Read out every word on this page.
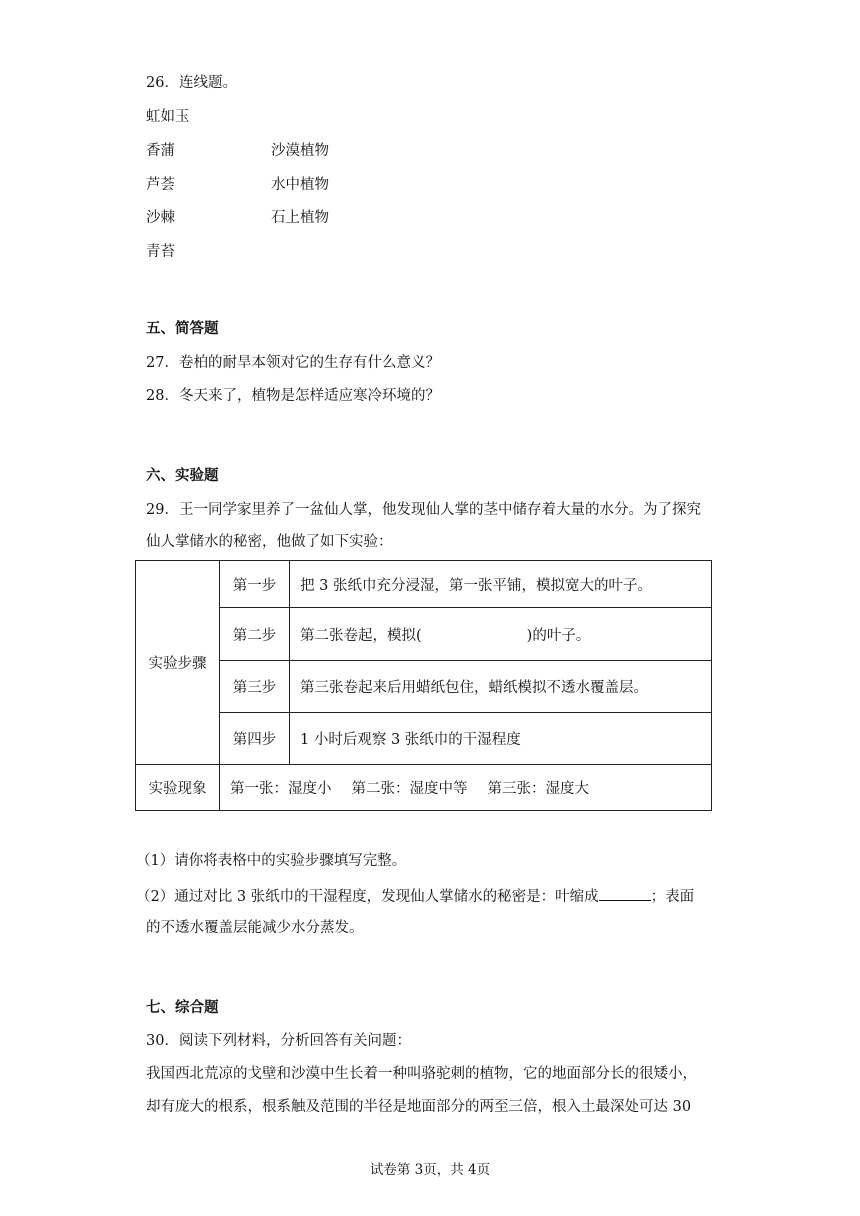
26．连线题。
虹如玉
香蒲
芦荟
沙棘
青苔
沙漠植物
水中植物
石上植物
五、简答题
27．卷柏的耐旱本领对它的生存有什么意义？
28．冬天来了，植物是怎样适应寒冷环境的？
六、实验题
29．王一同学家里养了一盆仙人掌，他发现仙人掌的茎中储存着大量的水分。为了探究
仙人掌储水的秘密，他做了如下实验：
实验步骤	第一步	把 3 张纸巾充分浸湿，第一张平铺，模拟宽大的叶子。
	第二步	第二张卷起，模拟( )的叶子。
	第三步	第三张卷起来后用蜡纸包住，蜡纸模拟不透水覆盖层。
	第四步	1 小时后观察 3 张纸巾的干湿程度
实验现象	第一张：湿度小 第二张：湿度中等 第三张：湿度大	
（1）请你将表格中的实验步骤填写完整。
（2）通过对比 3 张纸巾的干湿程度，发现仙人掌储水的秘密是：叶缩成	；表面
的不透水覆盖层能减少水分蒸发。
七、综合题
30．阅读下列材料，分析回答有关问题：
我国西北荒凉的戈壁和沙漠中生长着一种叫骆驼刺的植物，它的地面部分长的很矮小，
却有庞大的根系，根系触及范围的半径是地面部分的两至三倍，根入土最深处可达 30
试卷第 3页，共 4页
